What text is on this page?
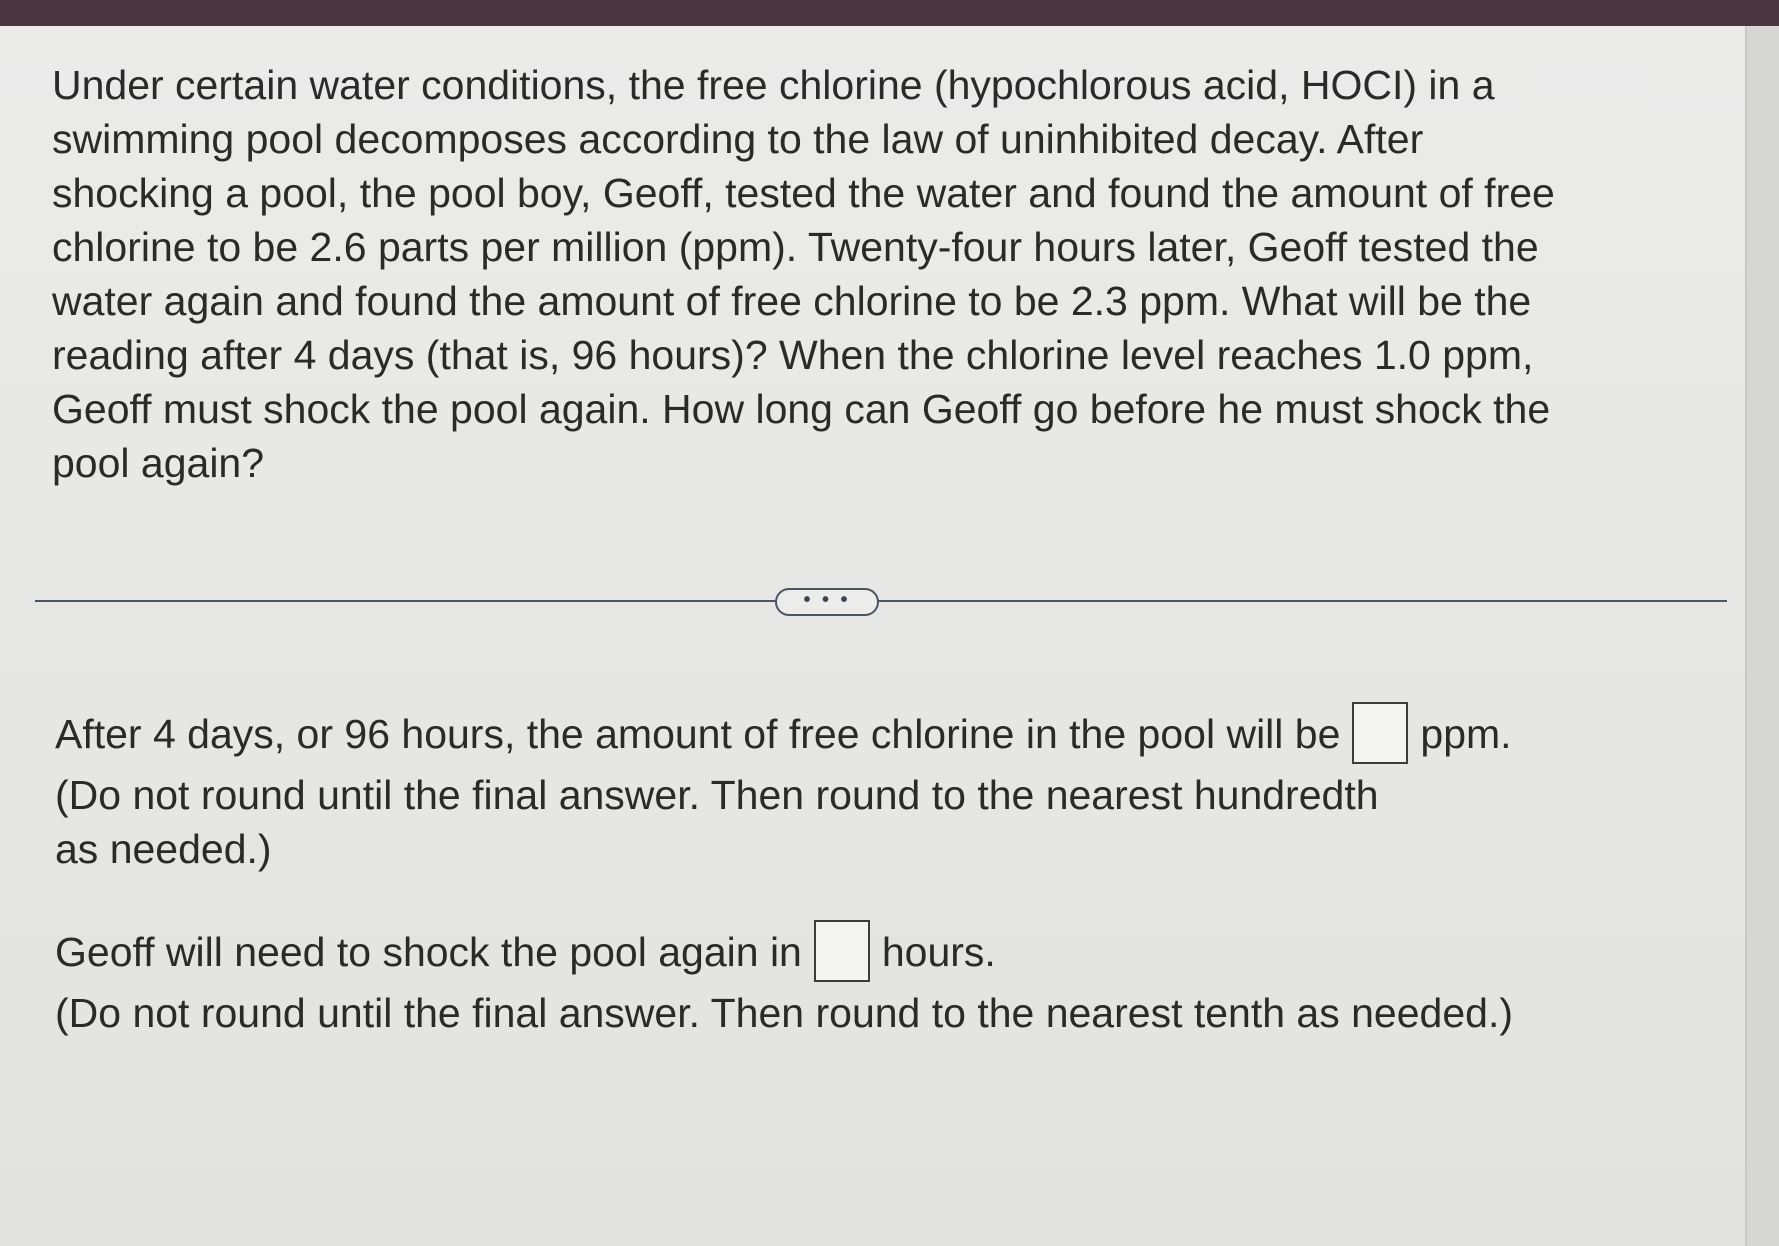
Under certain water conditions, the free chlorine (hypochlorous acid, HOCI) in a
swimming pool decomposes according to the law of uninhibited decay. After
shocking a pool, the pool boy, Geoff, tested the water and found the amount of free
chlorine to be 2.6 parts per million (ppm). Twenty-four hours later, Geoff tested the
water again and found the amount of free chlorine to be 2.3 ppm. What will be the
reading after 4 days (that is, 96 hours)? When the chlorine level reaches 1.0 ppm,
Geoff must shock the pool again. How long can Geoff go before he must shock the
pool again?
• • •
After 4 days, or 96 hours, the amount of free chlorine in the pool will be ppm.
(Do not round until the final answer. Then round to the nearest hundredth
as needed.)
Geoff will need to shock the pool again in hours.
(Do not round until the final answer. Then round to the nearest tenth as needed.)
